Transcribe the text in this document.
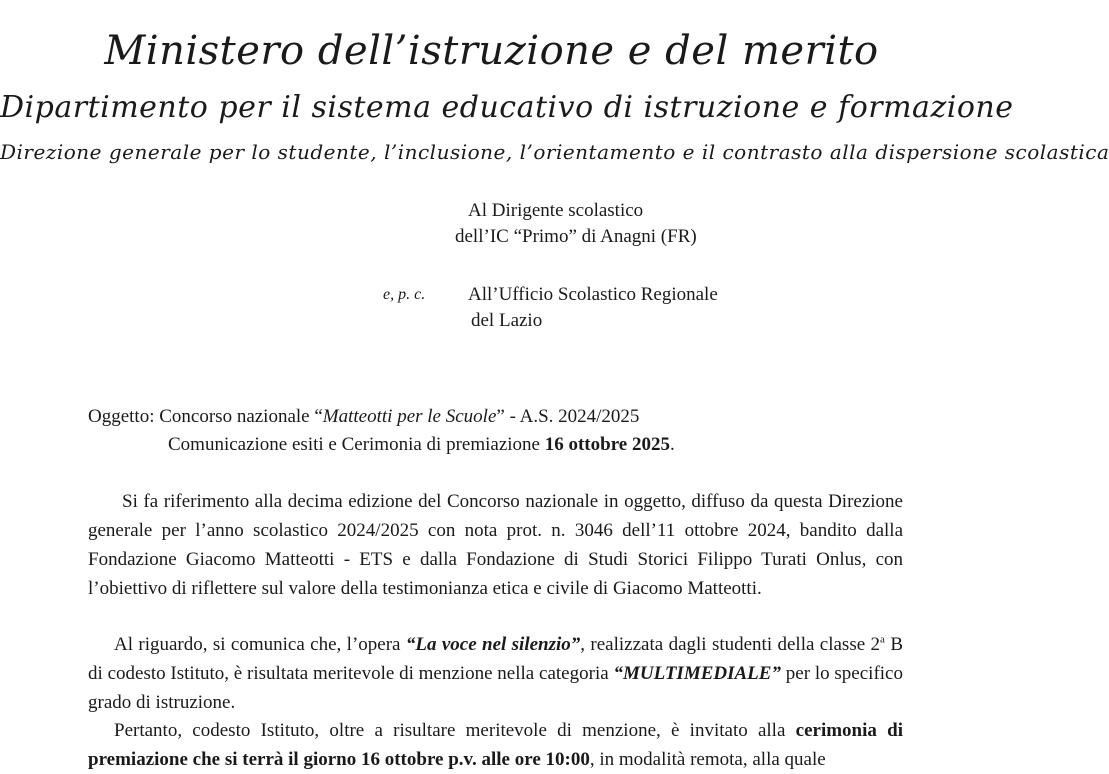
Ministero dell’istruzione e del merito
Dipartimento per il sistema educativo di istruzione e formazione
Direzione generale per lo studente, l’inclusione, l’orientamento e il contrasto alla dispersione scolastica
Al Dirigente scolastico
dell’IC “Primo” di Anagni (FR)
e, p. c. All’Ufficio Scolastico Regionale
del Lazio
Oggetto: Concorso nazionale “Matteotti per le Scuole” - A.S. 2024/2025
Comunicazione esiti e Cerimonia di premiazione 16 ottobre 2025.
Si fa riferimento alla decima edizione del Concorso nazionale in oggetto, diffuso da questa Direzione generale per l’anno scolastico 2024/2025 con nota prot. n. 3046 dell’11 ottobre 2024, bandito dalla Fondazione Giacomo Matteotti - ETS e dalla Fondazione di Studi Storici Filippo Turati Onlus, con l’obiettivo di riflettere sul valore della testimonianza etica e civile di Giacomo Matteotti.
Al riguardo, si comunica che, l’opera “La voce nel silenzio”, realizzata dagli studenti della classe 2$^a$ B di codesto Istituto, è risultata meritevole di menzione nella categoria “MULTIMEDIALE” per lo specifico grado di istruzione.
Pertanto, codesto Istituto, oltre a risultare meritevole di menzione, è invitato alla cerimonia di premiazione che si terrà il giorno 16 ottobre p.v. alle ore 10:00, in modalità remota, alla quale
